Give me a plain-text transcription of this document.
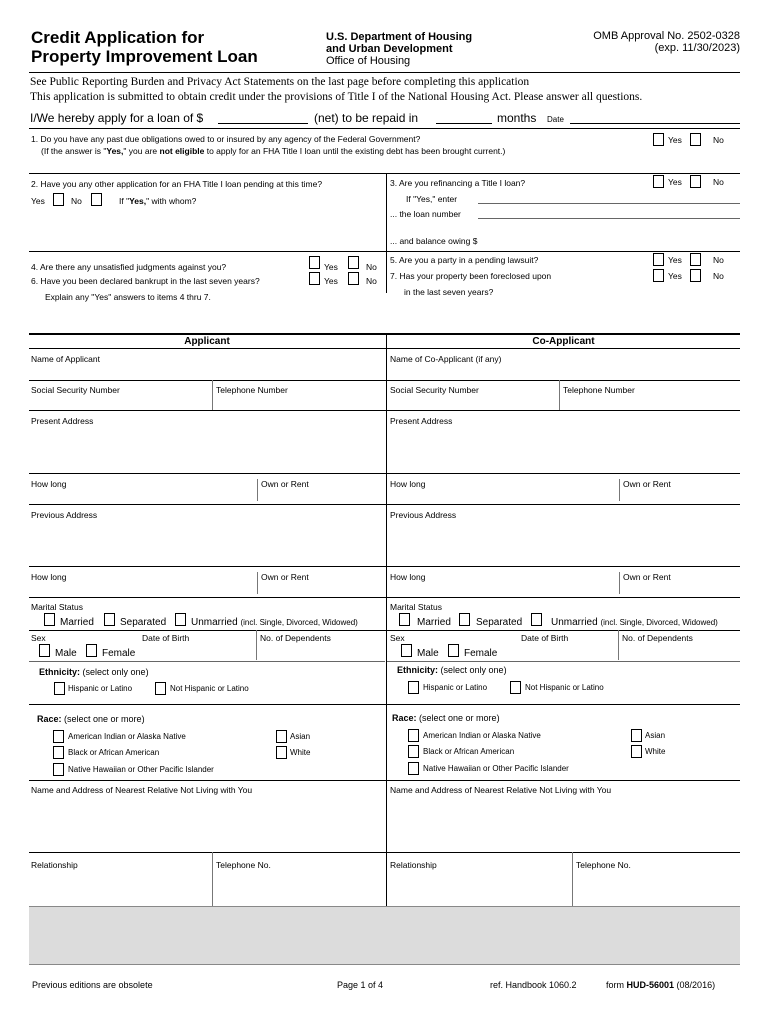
Credit Application for
Property Improvement Loan
U.S. Department of Housing
and Urban Development
Office of Housing
OMB Approval No. 2502-0328
(exp. 11/30/2023)
See Public Reporting Burden and Privacy Act Statements on the last page before completing this application
This application is submitted to obtain credit under the provisions of Title I of the National Housing Act. Please answer all questions.
I/We hereby apply for a loan of $	(net) to be repaid in	months Date
1. Do you have any past due obligations owed to or insured by any agency of the Federal Government?
(If the answer is "Yes," you are not eligible to apply for an FHA Title I loan until the existing debt has been brought current.)
Yes	No
2. Have you any other application for an FHA Title I loan pending at this time?
Yes	No	If "Yes," with whom?
3. Are you refinancing a Title I loan?	Yes	No
If "Yes," enter
... the loan number
... and balance owing $
4. Are there any unsatisfied judgments against you?	Yes	No
6. Have you been declared bankrupt in the last seven years?	Yes	No
Explain any "Yes" answers to items 4 thru 7.
5. Are you a party in a pending lawsuit?	Yes	No
7. Has your property been foreclosed upon	Yes	No
in the last seven years?
Applicant	Co-Applicant
Name of Applicant	Name of Co-Applicant (if any)
Social Security Number	Telephone Number	Social Security Number	Telephone Number
Present Address	Present Address
How long	Own or Rent	How long	Own or Rent
Previous Address	Previous Address
How long	Own or Rent	How long	Own or Rent
Marital Status
Married	Separated Unmarried (incl. Single, Divorced, Widowed)
Marital Status
Married	Separated	Unmarried (incl. Single, Divorced, Widowed)
Sex	Date of Birth	No. of Dependents
Male	Female
Sex	Date of Birth	No. of Dependents
Male	Female
Ethnicity: (select only one)
Hispanic or Latino	Not Hispanic or Latino
Ethnicity: (select only one)
Hispanic or Latino	Not Hispanic or Latino
Race: (select one or more)
American Indian or Alaska Native	Asian
Black or African American	White
Native Hawaiian or Other Pacific Islander
Race: (select one or more)
American Indian or Alaska Native	Asian
Black or African American	White
Native Hawaiian or Other Pacific Islander
Name and Address of Nearest Relative Not Living with You	Name and Address of Nearest Relative Not Living with You
Relationship	Telephone No.	Relationship	Telephone No.
Previous editions are obsolete	Page 1 of 4	ref. Handbook 1060.2	form HUD-56001 (08/2016)
